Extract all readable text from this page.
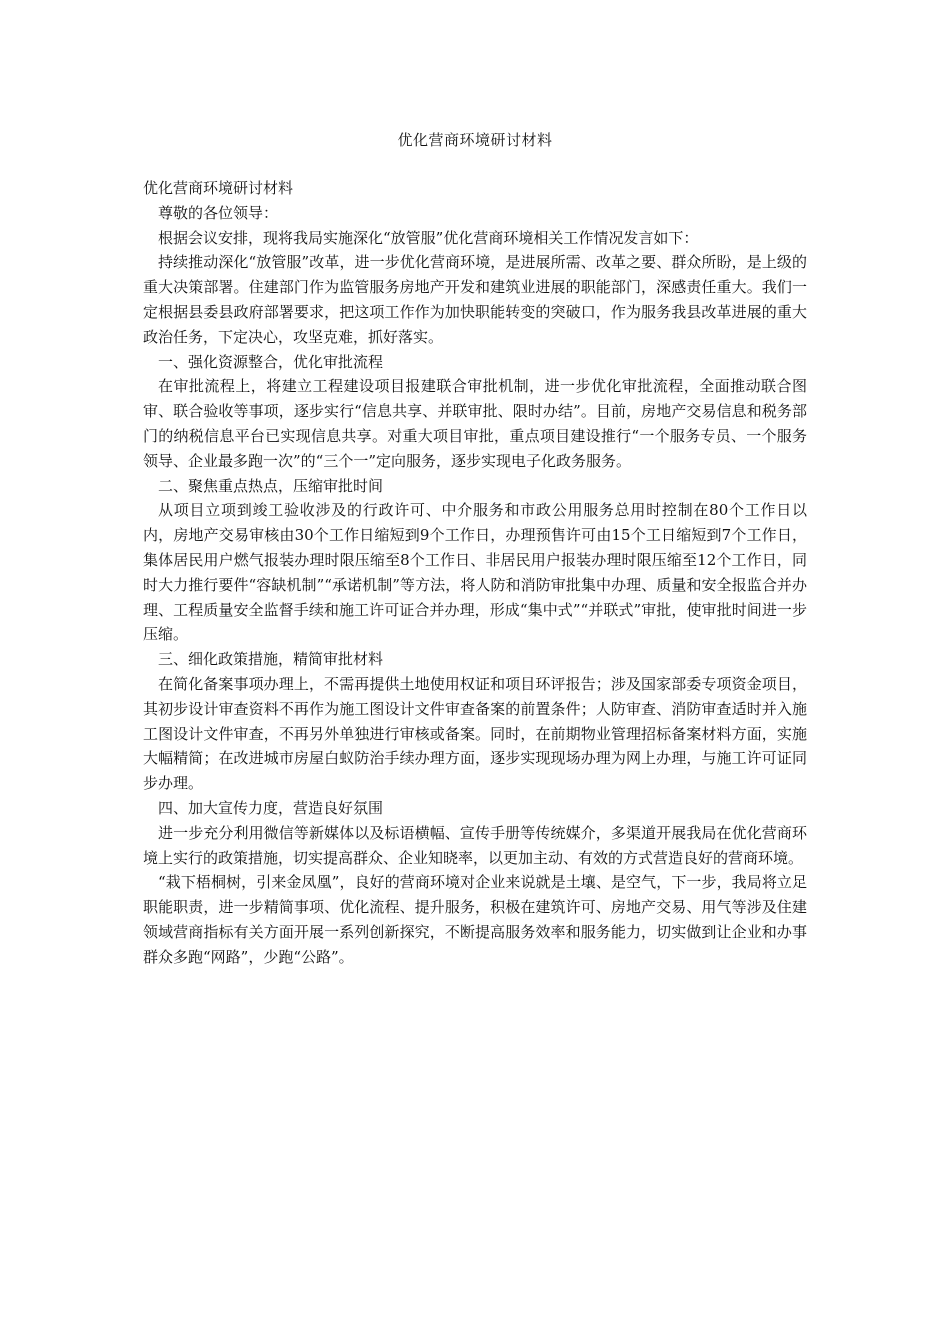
优化营商环境研讨材料

优化营商环境研讨材料

尊敬的各位领导：

根据会议安排，现将我局实施深化“放管服”优化营商环境相关工作情况发言如下：

持续推动深化“放管服”改革，进一步优化营商环境，是进展所需、改革之要、群众所盼，是上级的重大决策部署。住建部门作为监管服务房地产开发和建筑业进展的职能部门，深感责任重大。我们一定根据县委县政府部署要求，把这项工作作为加快职能转变的突破口，作为服务我县改革进展的重大政治任务，下定决心，攻坚克难，抓好落实。

一、强化资源整合，优化审批流程

在审批流程上，将建立工程建设项目报建联合审批机制，进一步优化审批流程，全面推动联合图审、联合验收等事项，逐步实行“信息共享、并联审批、限时办结”。目前，房地产交易信息和税务部门的纳税信息平台已实现信息共享。对重大项目审批，重点项目建设推行“一个服务专员、一个服务领导、企业最多跑一次”的“三个一”定向服务，逐步实现电子化政务服务。

二、聚焦重点热点，压缩审批时间

从项目立项到竣工验收涉及的行政许可、中介服务和市政公用服务总用时控制在80个工作日以内，房地产交易审核由30个工作日缩短到9个工作日，办理预售许可由15个工日缩短到7个工作日，集体居民用户燃气报装办理时限压缩至8个工作日、非居民用户报装办理时限压缩至12个工作日，同时大力推行要件“容缺机制”“承诺机制”等方法，将人防和消防审批集中办理、质量和安全报监合并办理、工程质量安全监督手续和施工许可证合并办理，形成“集中式”“并联式”审批，使审批时间进一步压缩。

三、细化政策措施，精简审批材料

在简化备案事项办理上，不需再提供土地使用权证和项目环评报告；涉及国家部委专项资金项目，其初步设计审查资料不再作为施工图设计文件审查备案的前置条件；人防审查、消防审查适时并入施工图设计文件审查，不再另外单独进行审核或备案。同时，在前期物业管理招标备案材料方面，实施大幅精简；在改进城市房屋白蚁防治手续办理方面，逐步实现现场办理为网上办理，与施工许可证同步办理。

四、加大宣传力度，营造良好氛围

进一步充分利用微信等新媒体以及标语横幅、宣传手册等传统媒介，多渠道开展我局在优化营商环境上实行的政策措施，切实提高群众、企业知晓率，以更加主动、有效的方式营造良好的营商环境。

“栽下梧桐树，引来金凤凰”，良好的营商环境对企业来说就是土壤、是空气，下一步，我局将立足职能职责，进一步精简事项、优化流程、提升服务，积极在建筑许可、房地产交易、用气等涉及住建领域营商指标有关方面开展一系列创新探究，不断提高服务效率和服务能力，切实做到让企业和办事群众多跑“网路”，少跑“公路”。
